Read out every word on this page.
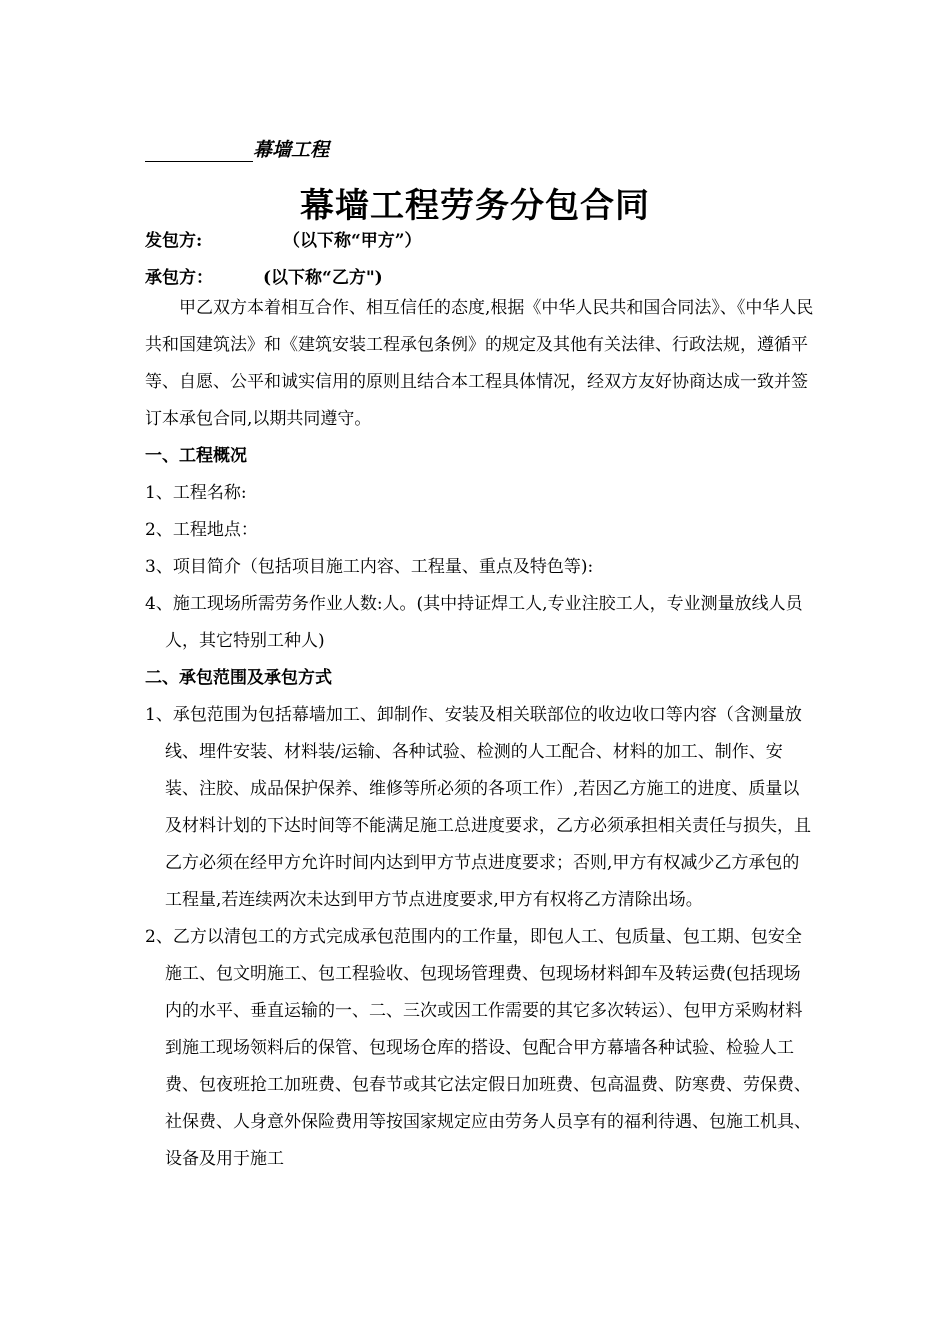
幕墙工程
幕墙工程劳务分包合同
发包方:	（以下称“甲方”）
承包方：	(以下称“乙方")

甲乙双方本着相互合作、相互信任的态度,根据《中华人民共和国合同法》、《中华人民共和国建筑法》和《建筑安装工程承包条例》的规定及其他有关法律、行政法规，遵循平等、自愿、公平和诚实信用的原则且结合本工程具体情况，经双方友好协商达成一致并签订本承包合同,以期共同遵守。

一、工程概况

1、工程名称:

2、工程地点：

3、项目简介（包括项目施工内容、工程量、重点及特色等):

4、施工现场所需劳务作业人数:人。(其中持证焊工人,专业注胶工人，专业测量放线人员人，其它特别工种人)

二、承包范围及承包方式

1、承包范围为包括幕墙加工、卸制作、安装及相关联部位的收边收口等内容（含测量放线、埋件安装、材料装/运输、各种试验、检测的人工配合、材料的加工、制作、安装、注胶、成品保护保养、维修等所必须的各项工作）,若因乙方施工的进度、质量以及材料计划的下达时间等不能满足施工总进度要求，乙方必须承担相关责任与损失，且乙方必须在经甲方允许时间内达到甲方节点进度要求；否则,甲方有权减少乙方承包的工程量,若连续两次未达到甲方节点进度要求,甲方有权将乙方清除出场。

2、乙方以清包工的方式完成承包范围内的工作量，即包人工、包质量、包工期、包安全施工、包文明施工、包工程验收、包现场管理费、包现场材料卸车及转运费(包括现场内的水平、垂直运输的一、二、三次或因工作需要的其它多次转运）、包甲方采购材料到施工现场领料后的保管、包现场仓库的搭设、包配合甲方幕墙各种试验、检验人工费、包夜班抢工加班费、包春节或其它法定假日加班费、包高温费、防寒费、劳保费、社保费、人身意外保险费用等按国家规定应由劳务人员享有的福利待遇、包施工机具、设备及用于施工
